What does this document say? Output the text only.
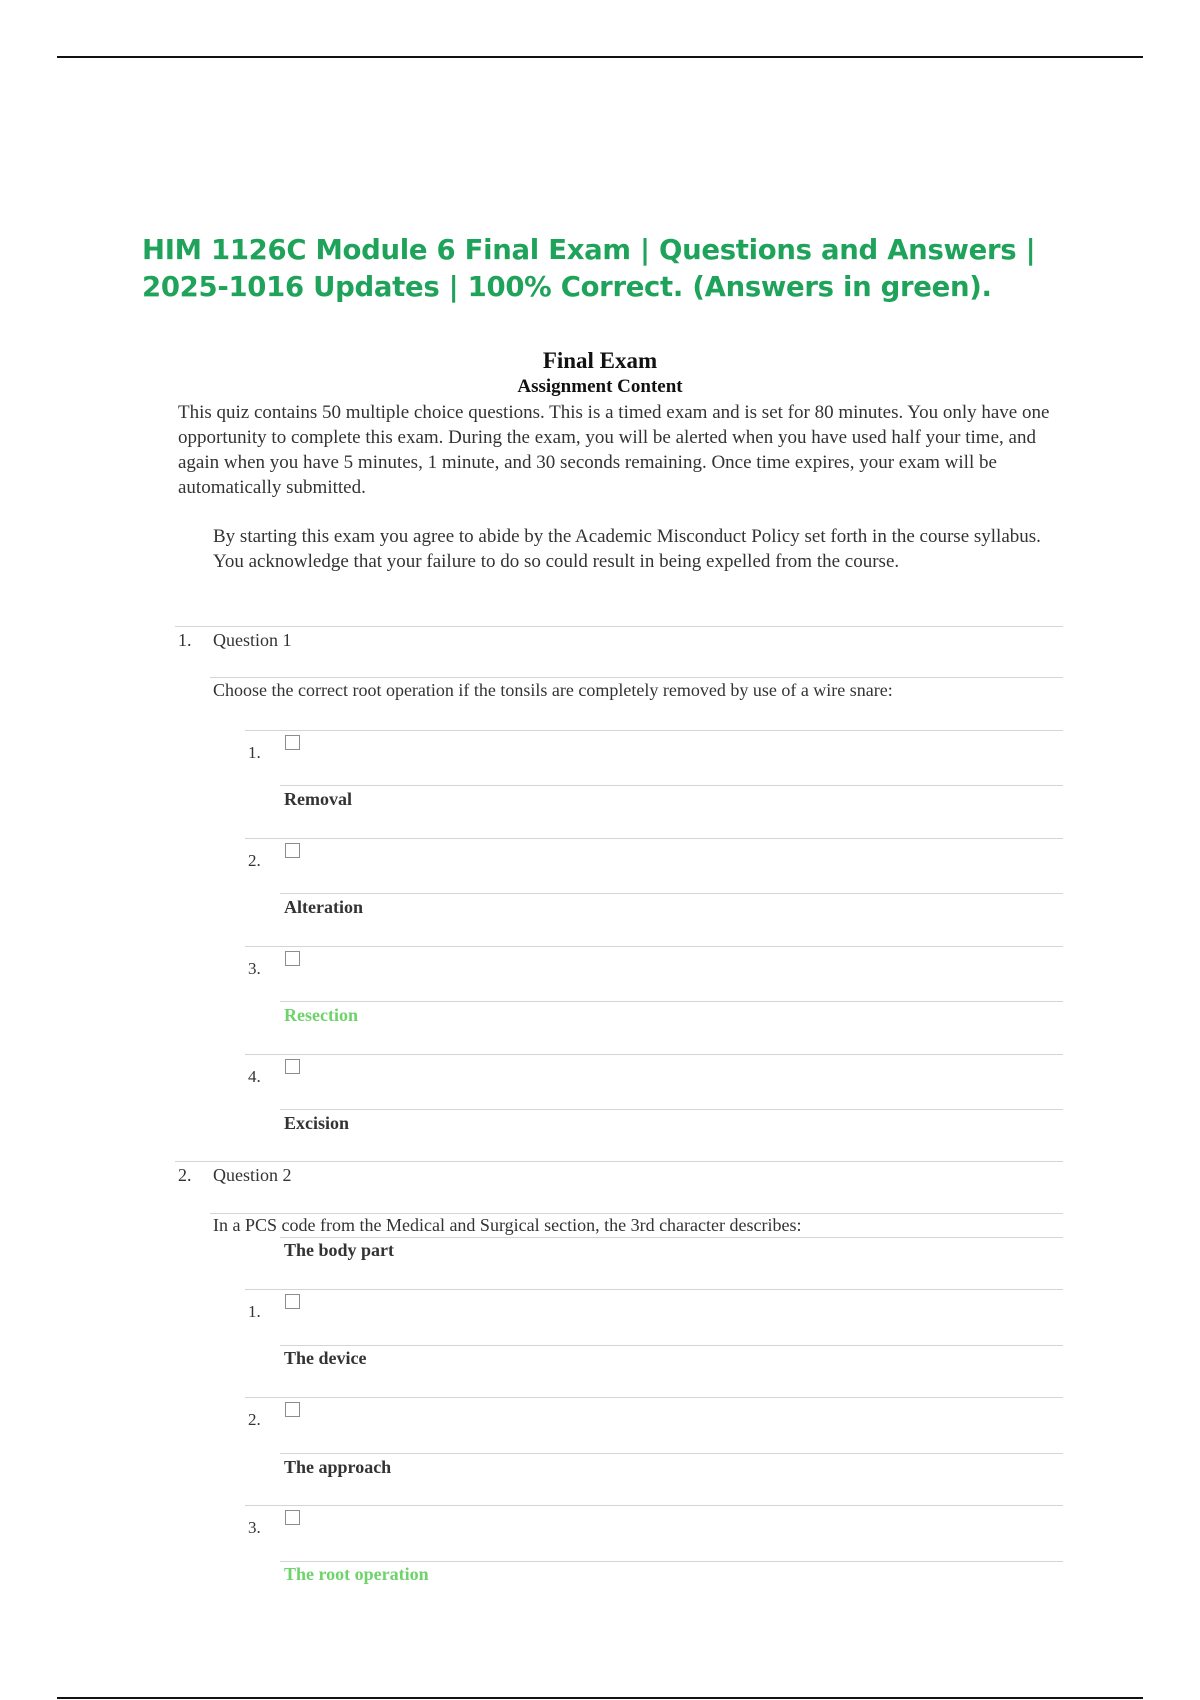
HIM 1126C Module 6 Final Exam | Questions and Answers | 2025-1016 Updates | 100% Correct. (Answers in green).
Final Exam
Assignment Content

This quiz contains 50 multiple choice questions. This is a timed exam and is set for 80 minutes. You only have one opportunity to complete this exam. During the exam, you will be alerted when you have used half your time, and again when you have 5 minutes, 1 minute, and 30 seconds remaining. Once time expires, your exam will be automatically submitted.

By starting this exam you agree to abide by the Academic Misconduct Policy set forth in the course syllabus. You acknowledge that your failure to do so could result in being expelled from the course.

1. Question 1
Choose the correct root operation if the tonsils are completely removed by use of a wire snare:
1.
Removal
2.
Alteration
3.
Resection
4.
Excision
2. Question 2
In a PCS code from the Medical and Surgical section, the 3rd character describes:
The body part
1.
The device
2.
The approach
3.
The root operation
